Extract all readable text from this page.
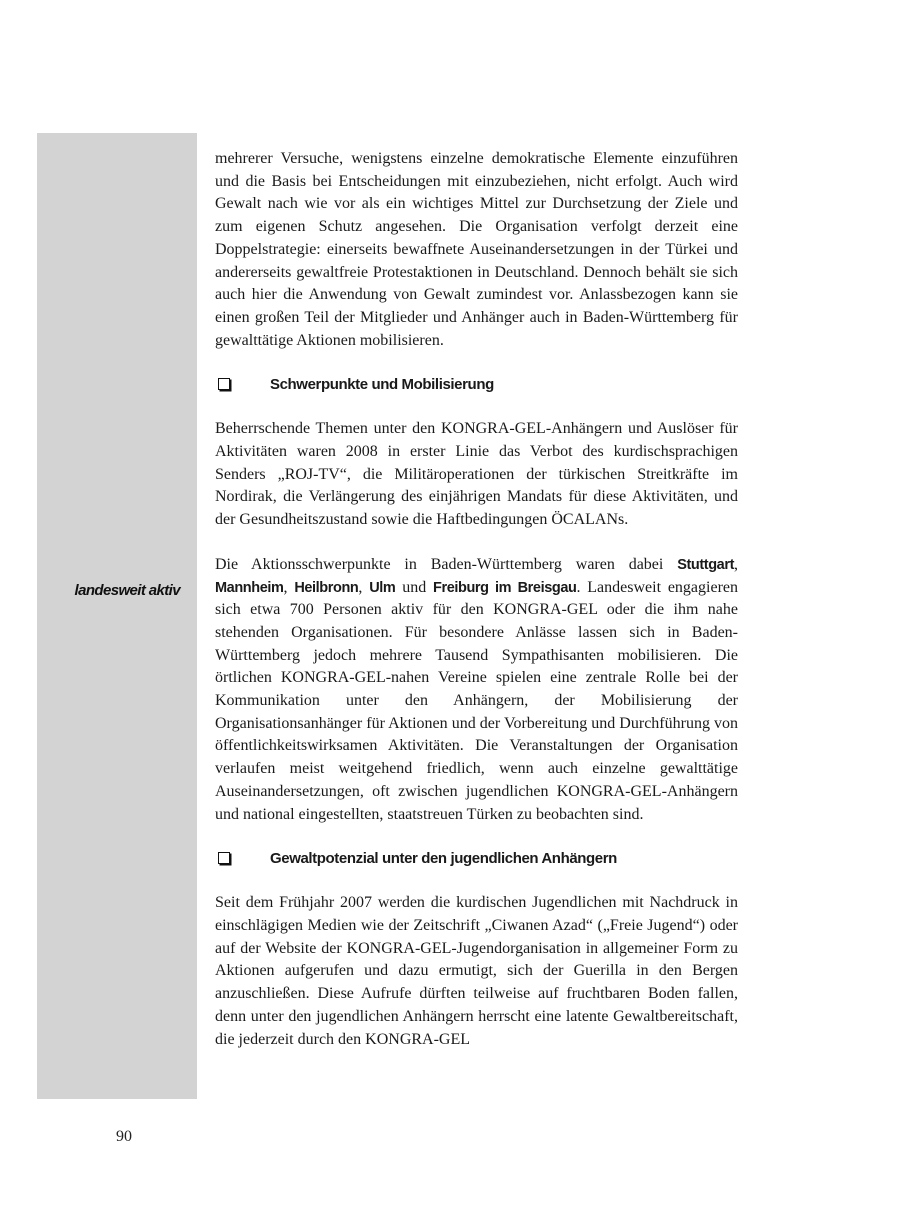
landesweit aktiv

mehrerer Versuche, wenigstens einzelne demokratische Elemente einzuführen und die Basis bei Entscheidungen mit einzubeziehen, nicht erfolgt. Auch wird Gewalt nach wie vor als ein wichtiges Mittel zur Durchsetzung der Ziele und zum eigenen Schutz angesehen. Die Organisation verfolgt derzeit eine Doppelstrategie: einerseits bewaffnete Auseinandersetzungen in der Türkei und andererseits gewaltfreie Protestaktionen in Deutschland. Dennoch behält sie sich auch hier die Anwendung von Gewalt zumindest vor. Anlassbezogen kann sie einen großen Teil der Mitglieder und Anhänger auch in Baden-Württemberg für gewalttätige Aktionen mobilisieren.

Schwerpunkte und Mobilisierung

Beherrschende Themen unter den KONGRA-GEL-Anhängern und Auslöser für Aktivitäten waren 2008 in erster Linie das Verbot des kurdischsprachigen Senders „ROJ-TV“, die Militäroperationen der türkischen Streitkräfte im Nordirak, die Verlängerung des einjährigen Mandats für diese Aktivitäten, und der Gesundheitszustand sowie die Haftbedingungen ÖCALANs.

Die Aktionsschwerpunkte in Baden-Württemberg waren dabei Stuttgart, Mannheim, Heilbronn, Ulm und Freiburg im Breisgau. Landesweit engagieren sich etwa 700 Personen aktiv für den KONGRA-GEL oder die ihm nahe stehenden Organisationen. Für besondere Anlässe lassen sich in Baden-Württemberg jedoch mehrere Tausend Sympathisanten mobilisieren. Die örtlichen KONGRA-GEL-nahen Vereine spielen eine zentrale Rolle bei der Kommunikation unter den Anhängern, der Mobilisierung der Organisationsanhänger für Aktionen und der Vorbereitung und Durchführung von öffentlichkeitswirksamen Aktivitäten. Die Veranstaltungen der Organisation verlaufen meist weitgehend friedlich, wenn auch einzelne gewalttätige Auseinandersetzungen, oft zwischen jugendlichen KONGRA-GEL-Anhängern und national eingestellten, staatstreuen Türken zu beobachten sind.

Gewaltpotenzial unter den jugendlichen Anhängern

Seit dem Frühjahr 2007 werden die kurdischen Jugendlichen mit Nachdruck in einschlägigen Medien wie der Zeitschrift „Ciwanen Azad“ („Freie Jugend“) oder auf der Website der KONGRA-GEL-Jugendorganisation in allgemeiner Form zu Aktionen aufgerufen und dazu ermutigt, sich der Guerilla in den Bergen anzuschließen. Diese Aufrufe dürften teilweise auf fruchtbaren Boden fallen, denn unter den jugendlichen Anhängern herrscht eine latente Gewaltbereitschaft, die jederzeit durch den KONGRA-GEL

90
